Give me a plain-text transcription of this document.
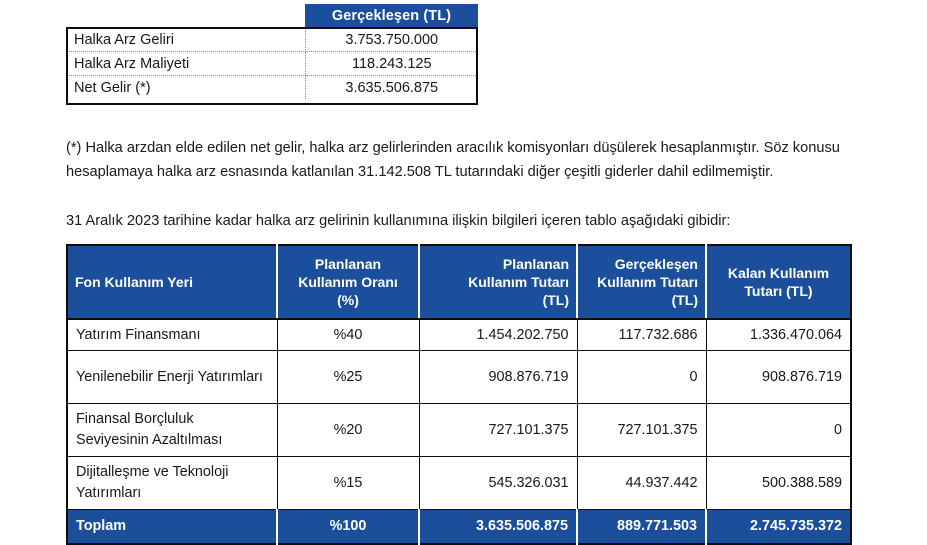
	Gerçekleşen (TL)
Halka Arz Geliri	3.753.750.000
Halka Arz Maliyeti	118.243.125
Net Gelir (*)	3.635.506.875

(*) Halka arzdan elde edilen net gelir, halka arz gelirlerinden aracılık komisyonları düşülerek hesaplanmıştır. Söz konusu hesaplamaya halka arz esnasında katlanılan 31.142.508 TL tutarındaki diğer çeşitli giderler dahil edilmemiştir.

31 Aralık 2023 tarihine kadar halka arz gelirinin kullanımına ilişkin bilgileri içeren tablo aşağıdaki gibidir:

Fon Kullanım Yeri	Planlanan
Kullanım Oranı
(%)	Planlanan
Kullanım Tutarı
(TL)	Gerçekleşen
Kullanım Tutarı
(TL)	Kalan Kullanım
Tutarı (TL)
Yatırım Finansmanı	%40	1.454.202.750	117.732.686	1.336.470.064
Yenilenebilir Enerji Yatırımları	%25	908.876.719	0	908.876.719
Finansal Borçluluk Seviyesinin Azaltılması	%20	727.101.375	727.101.375	0
Dijitalleşme ve Teknoloji Yatırımları	%15	545.326.031	44.937.442	500.388.589
Toplam	%100	3.635.506.875	889.771.503	2.745.735.372
